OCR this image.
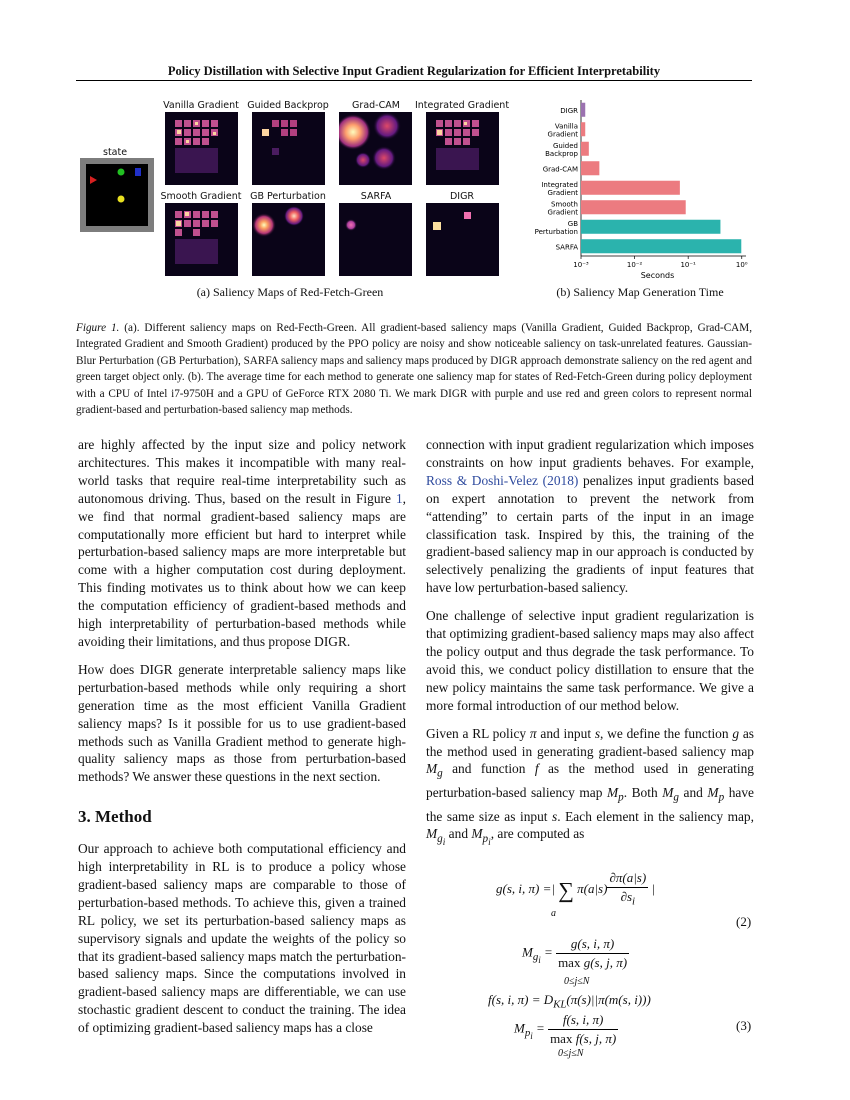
Policy Distillation with Selective Input Gradient Regularization for Efficient Interpretability
state
Vanilla Gradient Guided Backprop	Grad-CAM	Integrated Gradient
Smooth Gradient GB Perturbation	SARFA	DIGR
(a) Saliency Maps of Red-Fetch-Green
DIGR
Vanilla
Gradient
Guided
Backprop
Grad-CAM
Integrated
Gradient
Smooth
Gradient
GB
Perturbation
SARFA
10⁻³	10⁻²	10⁻¹	10⁰
Seconds
(b) Saliency Map Generation Time
Figure 1. (a). Different saliency maps on Red-Fecth-Green. All gradient-based saliency maps (Vanilla Gradient, Guided Backprop, Grad-CAM, Integrated Gradient and Smooth Gradient) produced by the PPO policy are noisy and show noticeable saliency on task-unrelated features. Gaussian-Blur Perturbation (GB Perturbation), SARFA saliency maps and saliency maps produced by DIGR approach demonstrate saliency on the red agent and green target object only. (b). The average time for each method to generate one saliency map for states of Red-Fetch-Green during policy deployment with a CPU of Intel i7-9750H and a GPU of GeForce RTX 2080 Ti. We mark DIGR with purple and use red and green colors to represent normal gradient-based and perturbation-based saliency map methods.

are highly affected by the input size and policy network architectures. This makes it incompatible with many real-world tasks that require real-time interpretability such as autonomous driving. Thus, based on the result in Figure 1, we find that normal gradient-based saliency maps are computationally more efficient but hard to interpret while perturbation-based saliency maps are more interpretable but come with a higher computation cost during deployment. This finding motivates us to think about how we can keep the computation efficiency of gradient-based methods and high interpretability of perturbation-based methods while avoiding their limitations, and thus propose DIGR.

How does DIGR generate interpretable saliency maps like perturbation-based methods while only requiring a short generation time as the most efficient Vanilla Gradient saliency maps? Is it possible for us to use gradient-based methods such as Vanilla Gradient method to generate high-quality saliency maps as those from perturbation-based methods? We answer these questions in the next section.

3. Method

Our approach to achieve both computational efficiency and high interpretability in RL is to produce a policy whose gradient-based saliency maps are comparable to those of perturbation-based methods. To achieve this, given a trained RL policy, we set its perturbation-based saliency maps as supervisory signals and update the weights of the policy so that its gradient-based saliency maps match the perturbation-based saliency maps. Since the computations involved in gradient-based saliency maps are differentiable, we can use stochastic gradient descent to conduct the training. The idea of optimizing gradient-based saliency maps has a close

connection with input gradient regularization which imposes constraints on how input gradients behaves. For example, Ross & Doshi-Velez (2018) penalizes input gradients based on expert annotation to prevent the network from “attending” to certain parts of the input in an image classification task. Inspired by this, the training of the gradient-based saliency map in our approach is conducted by selectively penalizing the gradients of input features that have low perturbation-based saliency.

One challenge of selective input gradient regularization is that optimizing gradient-based saliency maps may also affect the policy output and thus degrade the task performance. To avoid this, we conduct policy distillation to ensure that the new policy maintains the same task performance. We give a more formal introduction of our method below.

Given a RL policy π and input s, we define the function g as the method used in generating gradient-based saliency map $M_g$ and function f as the method used in generating perturbation-based saliency map $M_p$. Both $M_g$ and $M_p$ have the same size as input s. Each element in the saliency map, $M_{g_i}$ and $M_{p_i}$, are computed as

g(s, i, π) =| ∑ $\pi(a|s) \frac{\partial\pi(a|s)}{\partial s_i}$ |
a
$M_{g_i} = \frac{g(s, i, \pi)}{\text{max g(s, j, π)}}$
0≤j≤N
(2)
f(s, i, $\pi) = D_{KL}(\pi(s)||\pi(m(s$, i)))
$M_{p_i} = \frac{f(s, i, \pi)}{\text{max f(s, j, π)}}$
0≤j≤N
(3)
